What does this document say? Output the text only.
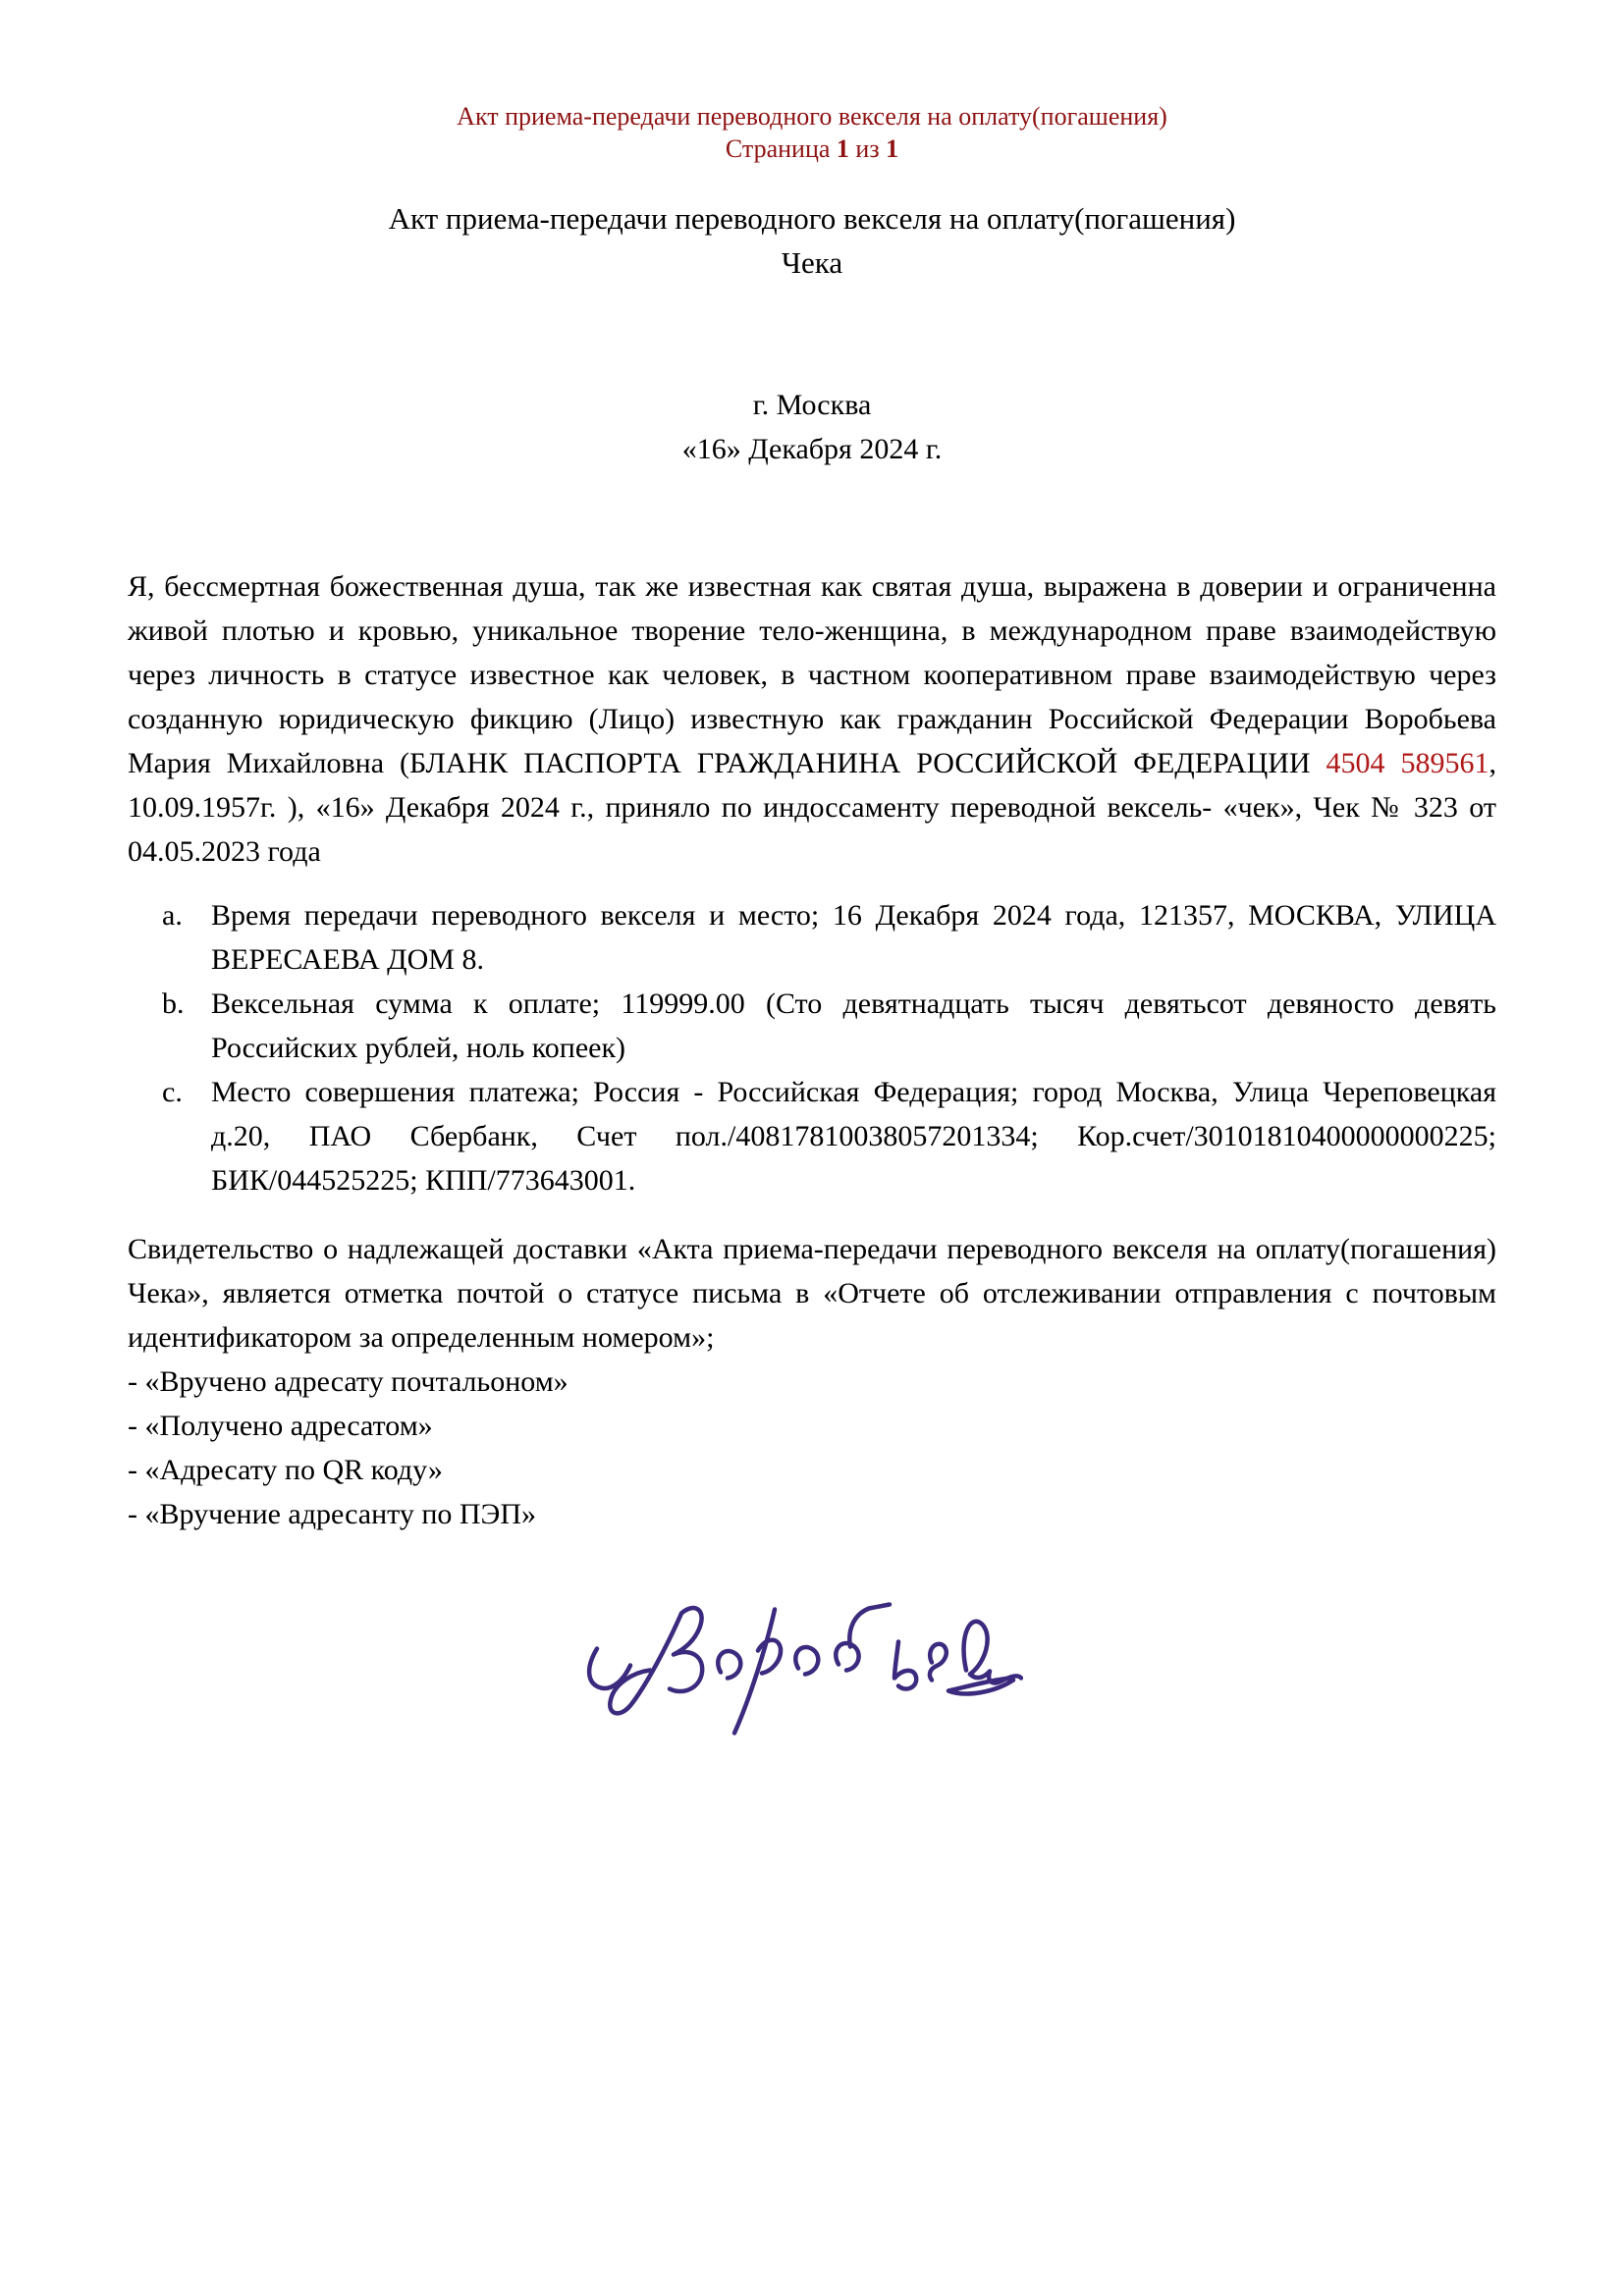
Акт приема-передачи переводного векселя на оплату(погашения)
Страница 1 из 1
Акт приема-передачи переводного векселя на оплату(погашения)
Чека
г. Москва
«16» Декабря 2024 г.

Я, бессмертная божественная душа, так же известная как святая душа, выражена в доверии и ограниченна живой плотью и кровью, уникальное творение тело-женщина, в международном праве взаимодействую через личность в статусе известное как человек, в частном кооперативном праве взаимодействую через созданную юридическую фикцию (Лицо) известную как гражданин Российской Федерации Воробьева Мария Михайловна (БЛАНК ПАСПОРТА ГРАЖДАНИНА РОССИЙСКОЙ ФЕДЕРАЦИИ 4504 589561, 10.09.1957г. ), «16» Декабря 2024 г., приняло по индоссаменту переводной вексель- «чек», Чек № 323 от 04.05.2023 года

a. Время передачи переводного векселя и место; 16 Декабря 2024 года, 121357, МОСКВА, УЛИЦА ВЕРЕСАЕВА ДОМ 8.
b. Вексельная сумма к оплате; 119999.00 (Сто девятнадцать тысяч девятьсот девяносто девять Российских рублей, ноль копеек)
c. Место совершения платежа; Россия - Российская Федерация; город Москва, Улица Череповецкая д.20, ПАО Сбербанк, Счет пол./40817810038057201334; Кор.счет/30101810400000000225; БИК/044525225; КПП/773643001.
Свидетельство о надлежащей доставки «Акта приема-передачи переводного векселя на оплату(погашения) Чека», является отметка почтой о статусе письма в «Отчете об отслеживании отправления с почтовым идентификатором за определенным номером»;
- «Вручено адресату почтальоном»
- «Получено адресатом»
- «Адресату по QR коду»
- «Вручение адресанту по ПЭП»
